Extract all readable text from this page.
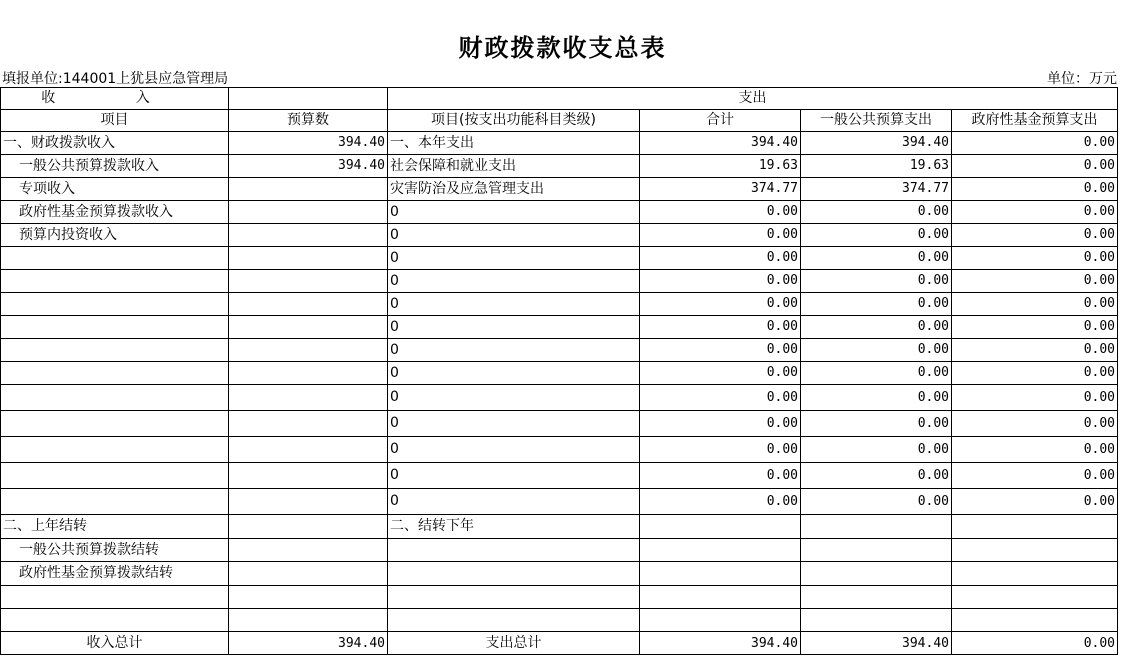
财政拨款收支总表
填报单位:144001上犹县应急管理局	单位：万元
收 入		支出			
项目	预算数	项目(按支出功能科目类级)	合计	一般公共预算支出	政府性基金预算支出
一、财政拨款收入	394.40	一、本年支出	394.40	394.40	0.00
一般公共预算拨款收入	394.40	社会保障和就业支出	19.63	19.63	0.00
专项收入		灾害防治及应急管理支出	374.77	374.77	0.00
政府性基金预算拨款收入		0	0.00	0.00	0.00
预算内投资收入		0	0.00	0.00	0.00
		0	0.00	0.00	0.00
		0	0.00	0.00	0.00
		0	0.00	0.00	0.00
		0	0.00	0.00	0.00
		0	0.00	0.00	0.00
		0	0.00	0.00	0.00
		0	0.00	0.00	0.00
		0	0.00	0.00	0.00
		0	0.00	0.00	0.00
		0	0.00	0.00	0.00
		0	0.00	0.00	0.00
二、上年结转		二、结转下年			
一般公共预算拨款结转					
政府性基金预算拨款结转					

收入总计	394.40	支出总计	394.40	394.40	0.00
